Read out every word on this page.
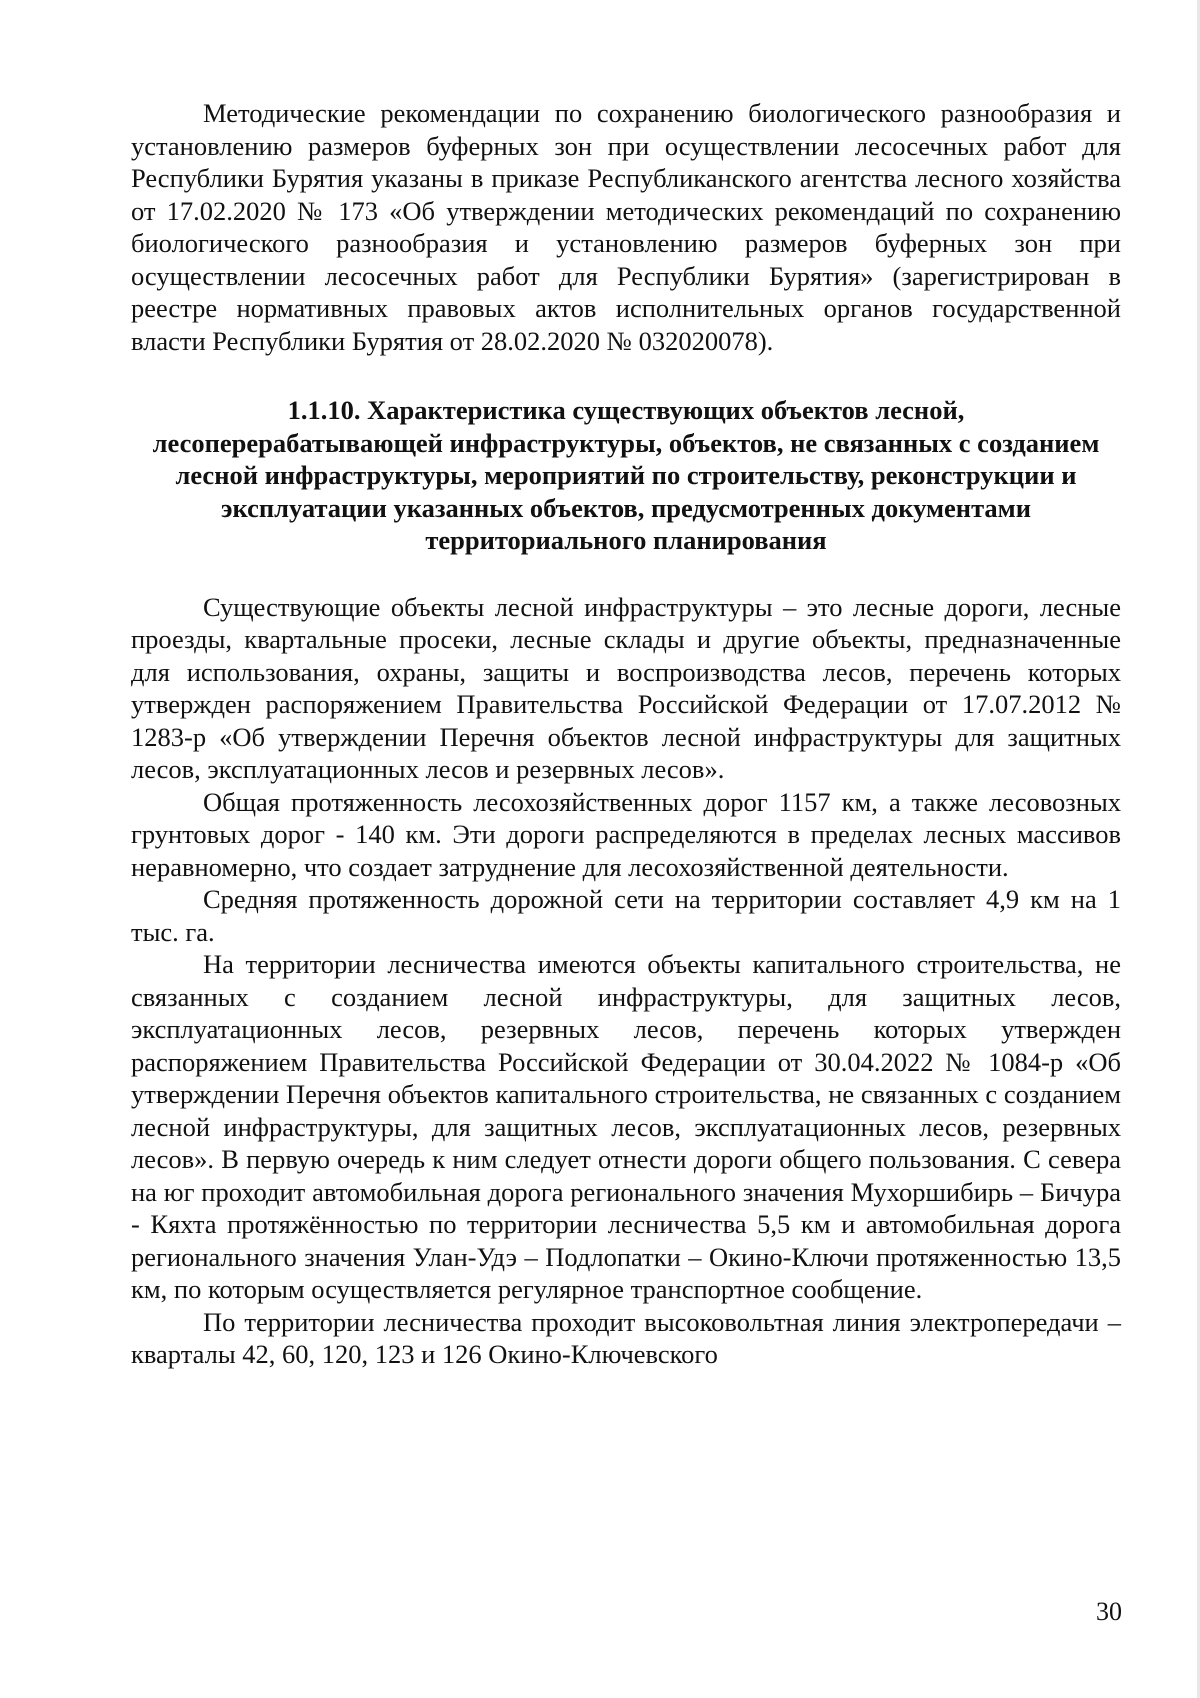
Методические рекомендации по сохранению биологического разнообразия и установлению размеров буферных зон при осуществлении лесосечных работ для Республики Бурятия указаны в приказе Республиканского агентства лесного хозяйства от 17.02.2020 № 173 «Об утверждении методических рекомендаций по сохранению биологического разнообразия и установлению размеров буферных зон при осуществлении лесосечных работ для Республики Бурятия» (зарегистрирован в реестре нормативных правовых актов исполнительных органов государственной власти Республики Бурятия от 28.02.2020 № 032020078).

1.1.10. Характеристика существующих объектов лесной, лесоперерабатывающей инфраструктуры, объектов, не связанных с созданием лесной инфраструктуры, мероприятий по строительству, реконструкции и эксплуатации указанных объектов, предусмотренных документами территориального планирования

Существующие объекты лесной инфраструктуры – это лесные дороги, лесные проезды, квартальные просеки, лесные склады и другие объекты, предназначенные для использования, охраны, защиты и воспроизводства лесов, перечень которых утвержден распоряжением Правительства Российской Федерации от 17.07.2012 № 1283-р «Об утверждении Перечня объектов лесной инфраструктуры для защитных лесов, эксплуатационных лесов и резервных лесов».

Общая протяженность лесохозяйственных дорог 1157 км, а также лесовозных грунтовых дорог - 140 км. Эти дороги распределяются в пределах лесных массивов неравномерно, что создает затруднение для лесохозяйственной деятельности.

Средняя протяженность дорожной сети на территории составляет 4,9 км на 1 тыс. га.

На территории лесничества имеются объекты капитального строительства, не связанных с созданием лесной инфраструктуры, для защитных лесов, эксплуатационных лесов, резервных лесов, перечень которых утвержден распоряжением Правительства Российской Федерации от 30.04.2022 № 1084-р «Об утверждении Перечня объектов капитального строительства, не связанных с созданием лесной инфраструктуры, для защитных лесов, эксплуатационных лесов, резервных лесов». В первую очередь к ним следует отнести дороги общего пользования. С севера на юг проходит автомобильная дорога регионального значения Мухоршибирь – Бичура - Кяхта протяжённостью по территории лесничества 5,5 км и автомобильная дорога регионального значения Улан-Удэ – Подлопатки – Окино-Ключи протяженностью 13,5 км, по которым осуществляется регулярное транспортное сообщение.

По территории лесничества проходит высоковольтная линия электропередачи – кварталы 42, 60, 120, 123 и 126 Окино-Ключевского

30
